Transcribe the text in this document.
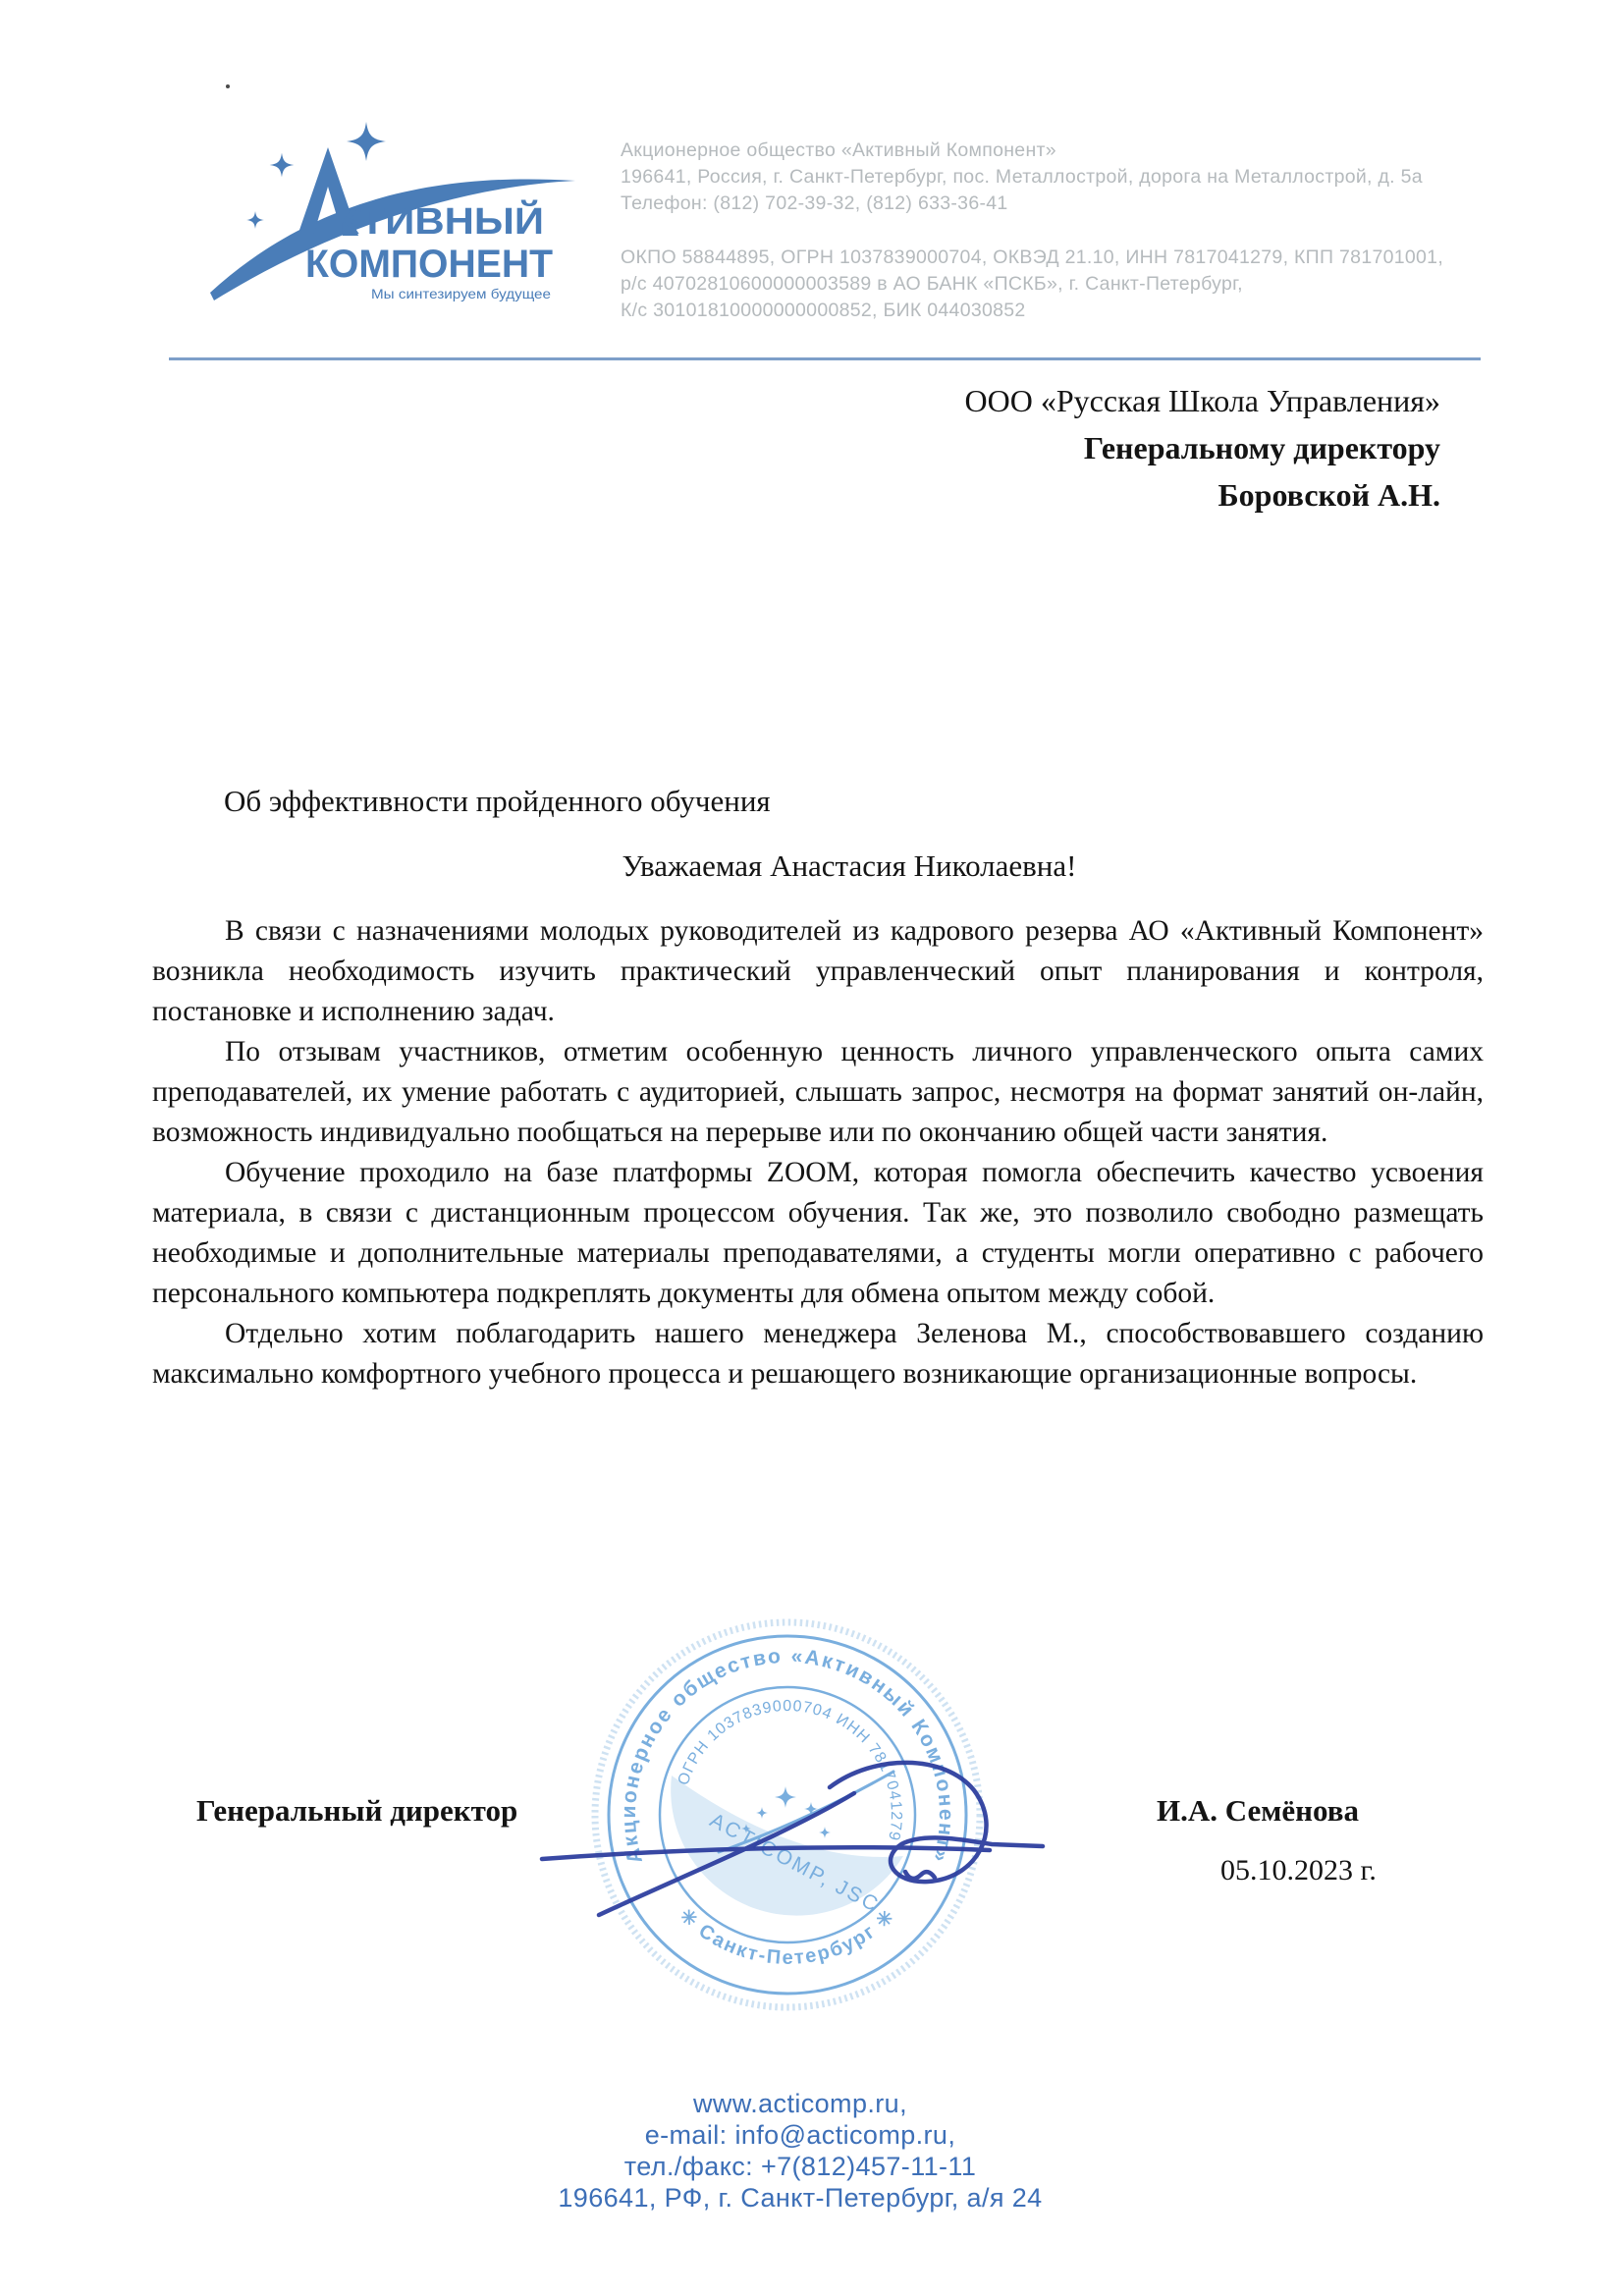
КТИВНЫЙ
КОМПОНЕНТ
Мы синтезируем будущее
Акционерное общество «Активный Компонент»
196641, Россия, г. Санкт-Петербург, пос. Металлострой, дорога на Металлострой, д. 5а
Телефон: (812) 702-39-32, (812) 633-36-41
ОКПО 58844895, ОГРН 1037839000704, ОКВЭД 21.10, ИНН 7817041279, КПП 781701001,
р/с 40702810600000003589 в АО БАНК «ПСКБ», г. Санкт-Петербург,
К/с 30101810000000000852, БИК 044030852
ООО «Русская Школа Управления»
Генеральному директору
Боровской А.Н.
Об эффективности пройденного обучения
Уважаемая Анастасия Николаевна!

В связи с назначениями молодых руководителей из кадрового резерва АО «Активный Компонент» возникла необходимость изучить практический управленческий опыт планирования и контроля, постановке и исполнению задач.

По отзывам участников, отметим особенную ценность личного управленческого опыта самих преподавателей, их умение работать с аудиторией, слышать запрос, несмотря на формат занятий он-лайн, возможность индивидуально пообщаться на перерыве или по окончанию общей части занятия.

Обучение проходило на базе платформы ZOOM, которая помогла обеспечить качество усвоения материала, в связи с дистанционным процессом обучения. Так же, это позволило свободно размещать необходимые и дополнительные материалы преподавателями, а студенты могли оперативно с рабочего персонального компьютера подкреплять документы для обмена опытом между собой.

Отдельно хотим поблагодарить нашего менеджера Зеленова М., способствовавшего созданию максимально комфортного учебного процесса и решающего возникающие организационные вопросы.

Генеральный директор	И.А. Семёнова
05.10.2023 г.
Акционерное общество «Активный Компонент»
✳ Санкт-Петербург ✳
ОГРН 1037839000704 ИНН 7817041279
ACTICOMP, JSC
www.acticomp.ru,
e-mail: info@acticomp.ru,
тел./факс: +7(812)457-11-11
196641, РФ, г. Санкт-Петербург, а/я 24
